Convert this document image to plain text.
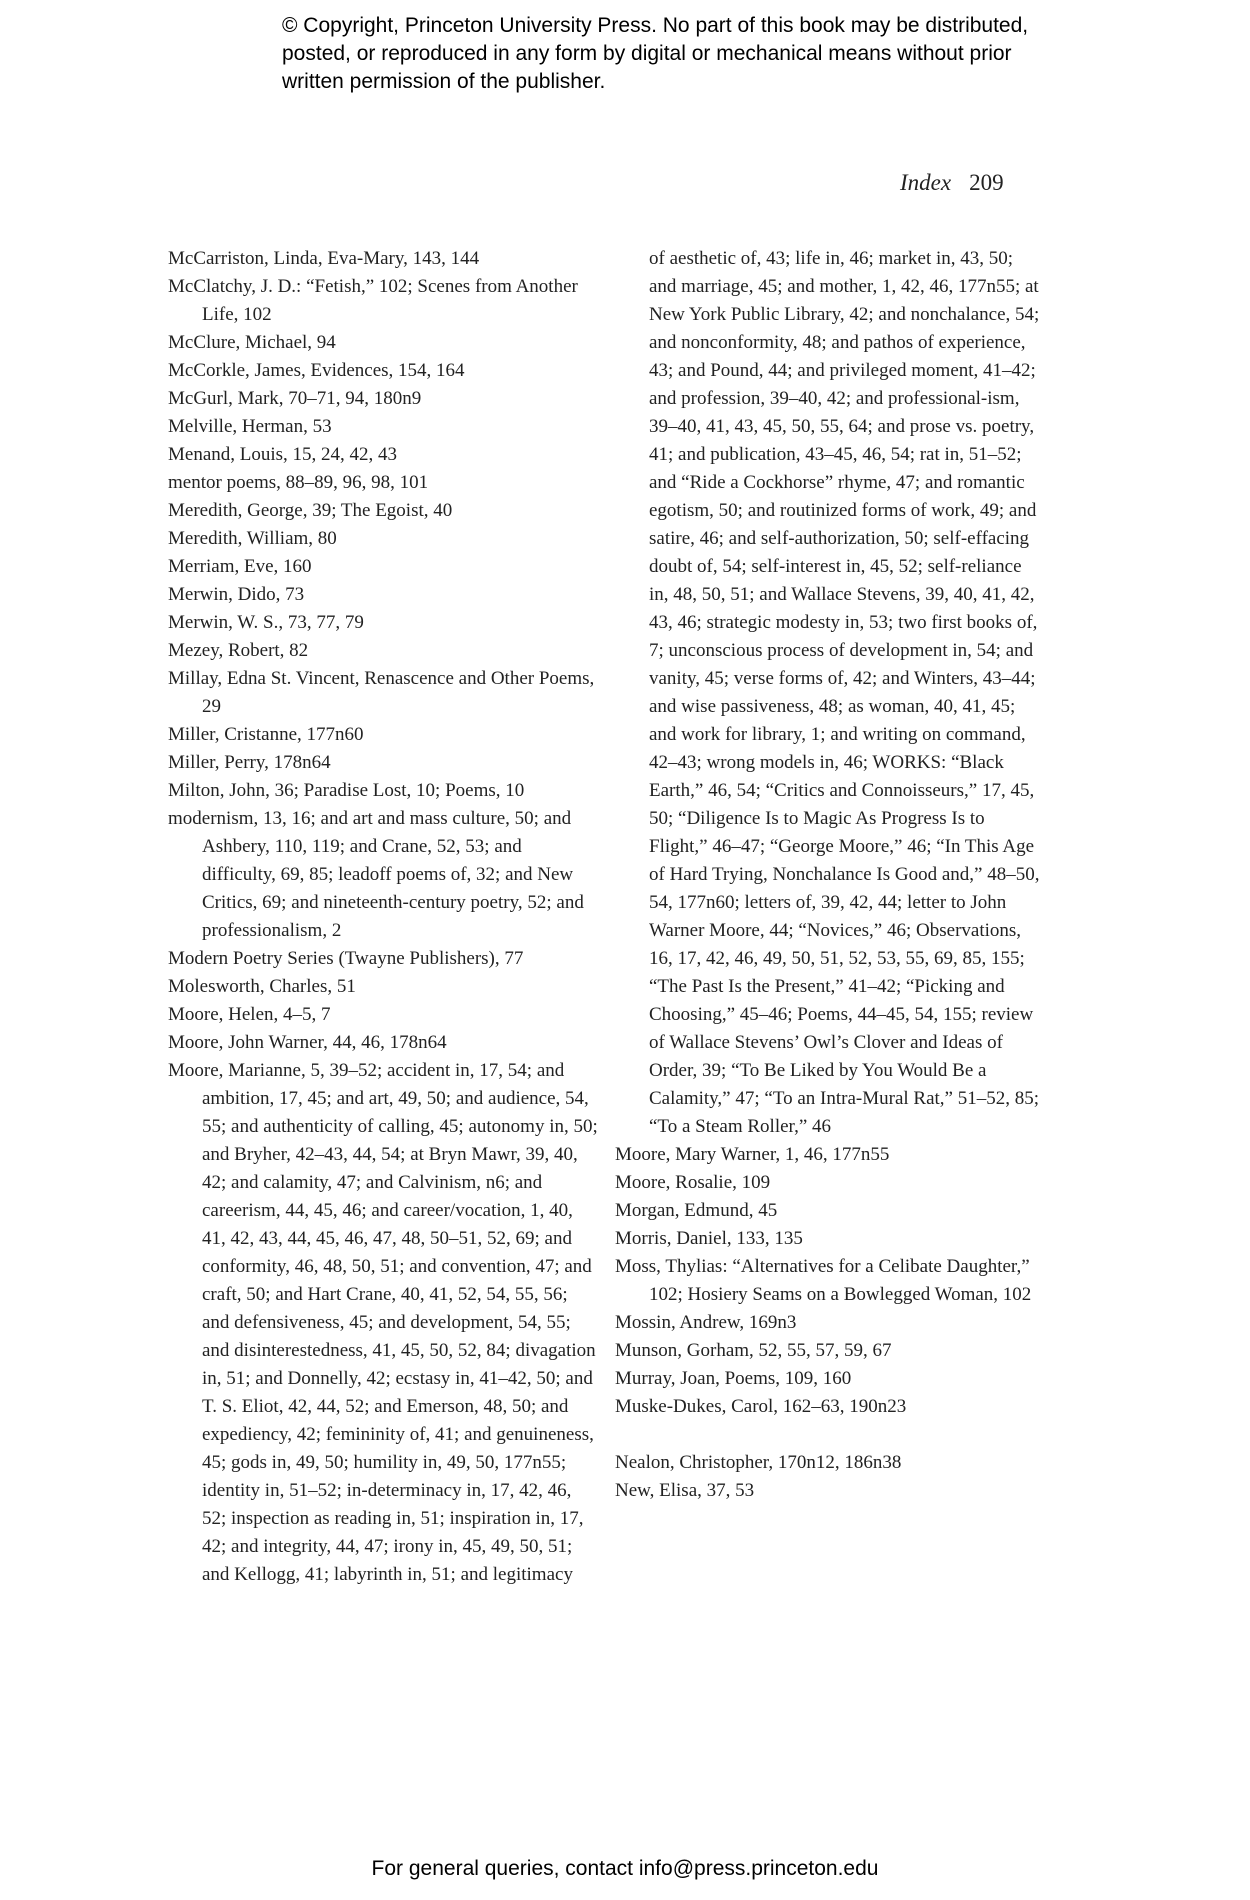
© Copyright, Princeton University Press. No part of this book may be distributed, posted, or reproduced in any form by digital or mechanical means without prior written permission of the publisher.
Index 209

McCarriston, Linda, Eva-Mary, 143, 144

McClatchy, J. D.: “Fetish,” 102; Scenes from Another Life, 102

McClure, Michael, 94

McCorkle, James, Evidences, 154, 164

McGurl, Mark, 70–71, 94, 180n9

Melville, Herman, 53

Menand, Louis, 15, 24, 42, 43

mentor poems, 88–89, 96, 98, 101

Meredith, George, 39; The Egoist, 40

Meredith, William, 80

Merriam, Eve, 160

Merwin, Dido, 73

Merwin, W. S., 73, 77, 79

Mezey, Robert, 82

Millay, Edna St. Vincent, Renascence and Other Poems, 29

Miller, Cristanne, 177n60

Miller, Perry, 178n64

Milton, John, 36; Paradise Lost, 10; Poems, 10

modernism, 13, 16; and art and mass culture, 50; and Ashbery, 110, 119; and Crane, 52, 53; and difficulty, 69, 85; leadoff poems of, 32; and New Critics, 69; and nineteenth-century poetry, 52; and professionalism, 2

Modern Poetry Series (Twayne Publishers), 77

Molesworth, Charles, 51

Moore, Helen, 4–5, 7

Moore, John Warner, 44, 46, 178n64

Moore, Marianne, 5, 39–52; accident in, 17, 54; and ambition, 17, 45; and art, 49, 50; and audience, 54, 55; and authenticity of calling, 45; autonomy in, 50; and Bryher, 42–43, 44, 54; at Bryn Mawr, 39, 40, 42; and calamity, 47; and Calvinism, n6; and careerism, 44, 45, 46; and career/vocation, 1, 40, 41, 42, 43, 44, 45, 46, 47, 48, 50–51, 52, 69; and conformity, 46, 48, 50, 51; and convention, 47; and craft, 50; and Hart Crane, 40, 41, 52, 54, 55, 56; and defensiveness, 45; and development, 54, 55; and disinterestedness, 41, 45, 50, 52, 84; divagation in, 51; and Donnelly, 42; ecstasy in, 41–42, 50; and T. S. Eliot, 42, 44, 52; and Emerson, 48, 50; and expediency, 42; femininity of, 41; and genuineness, 45; gods in, 49, 50; humility in, 49, 50, 177n55; identity in, 51–52; in-determinacy in, 17, 42, 46, 52; inspection as reading in, 51; inspiration in, 17, 42; and integrity, 44, 47; irony in, 45, 49, 50, 51; and Kellogg, 41; labyrinth in, 51; and legitimacy

of aesthetic of, 43; life in, 46; market in, 43, 50; and marriage, 45; and mother, 1, 42, 46, 177n55; at New York Public Library, 42; and nonchalance, 54; and nonconformity, 48; and pathos of experience, 43; and Pound, 44; and privileged moment, 41–42; and profession, 39–40, 42; and professional-ism, 39–40, 41, 43, 45, 50, 55, 64; and prose vs. poetry, 41; and publication, 43–45, 46, 54; rat in, 51–52; and “Ride a Cockhorse” rhyme, 47; and romantic egotism, 50; and routinized forms of work, 49; and satire, 46; and self-authorization, 50; self-effacing doubt of, 54; self-interest in, 45, 52; self-reliance in, 48, 50, 51; and Wallace Stevens, 39, 40, 41, 42, 43, 46; strategic modesty in, 53; two first books of, 7; unconscious process of development in, 54; and vanity, 45; verse forms of, 42; and Winters, 43–44; and wise passiveness, 48; as woman, 40, 41, 45; and work for library, 1; and writing on command, 42–43; wrong models in, 46; WORKS: “Black Earth,” 46, 54; “Critics and Connoisseurs,” 17, 45, 50; “Diligence Is to Magic As Progress Is to Flight,” 46–47; “George Moore,” 46; “In This Age of Hard Trying, Nonchalance Is Good and,” 48–50, 54, 177n60; letters of, 39, 42, 44; letter to John Warner Moore, 44; “Novices,” 46; Observations, 16, 17, 42, 46, 49, 50, 51, 52, 53, 55, 69, 85, 155; “The Past Is the Present,” 41–42; “Picking and Choosing,” 45–46; Poems, 44–45, 54, 155; review of Wallace Stevens’ Owl’s Clover and Ideas of Order, 39; “To Be Liked by You Would Be a Calamity,” 47; “To an Intra-Mural Rat,” 51–52, 85; “To a Steam Roller,” 46

Moore, Mary Warner, 1, 46, 177n55

Moore, Rosalie, 109

Morgan, Edmund, 45

Morris, Daniel, 133, 135

Moss, Thylias: “Alternatives for a Celibate Daughter,” 102; Hosiery Seams on a Bowlegged Woman, 102

Mossin, Andrew, 169n3

Munson, Gorham, 52, 55, 57, 59, 67

Murray, Joan, Poems, 109, 160

Muske-Dukes, Carol, 162–63, 190n23

Nealon, Christopher, 170n12, 186n38

New, Elisa, 37, 53

For general queries, contact info@press.princeton.edu
